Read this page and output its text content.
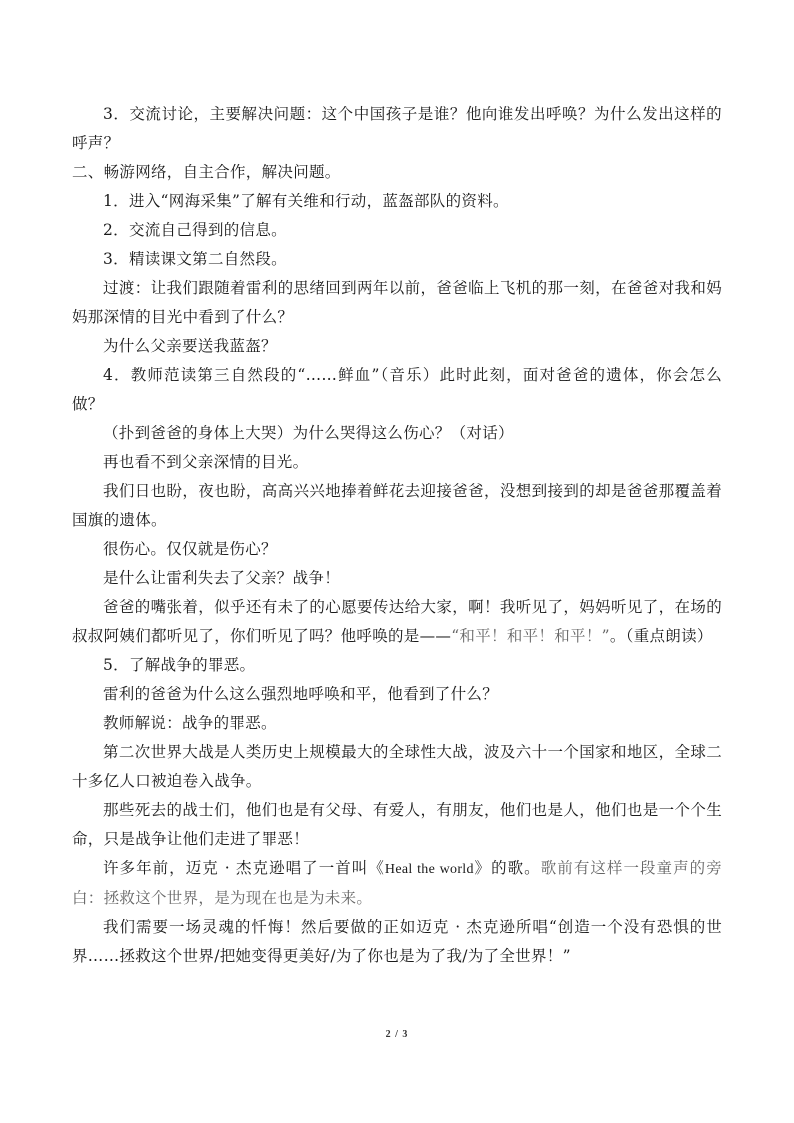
3．交流讨论，主要解决问题：这个中国孩子是谁？他向谁发出呼唤？为什么发出这样的呼声？

二、畅游网络，自主合作，解决问题。

1．进入“网海采集”了解有关维和行动，蓝盔部队的资料。

2．交流自己得到的信息。

3．精读课文第二自然段。

过渡：让我们跟随着雷利的思绪回到两年以前，爸爸临上飞机的那一刻，在爸爸对我和妈妈那深情的目光中看到了什么？

为什么父亲要送我蓝盔？

4．教师范读第三自然段的“……鲜血”（音乐）此时此刻，面对爸爸的遗体，你会怎么做？

（扑到爸爸的身体上大哭）为什么哭得这么伤心？（对话）

再也看不到父亲深情的目光。

我们日也盼，夜也盼，高高兴兴地捧着鲜花去迎接爸爸，没想到接到的却是爸爸那覆盖着国旗的遗体。

很伤心。仅仅就是伤心？

是什么让雷利失去了父亲？战争！

爸爸的嘴张着，似乎还有未了的心愿要传达给大家，啊！我听见了，妈妈听见了，在场的叔叔阿姨们都听见了，你们听见了吗？他呼唤的是——“和平！和平！和平！”。（重点朗读）

5．了解战争的罪恶。

雷利的爸爸为什么这么强烈地呼唤和平，他看到了什么？

教师解说：战争的罪恶。

第二次世界大战是人类历史上规模最大的全球性大战，波及六十一个国家和地区，全球二十多亿人口被迫卷入战争。

那些死去的战士们，他们也是有父母、有爱人，有朋友，他们也是人，他们也是一个个生命，只是战争让他们走进了罪恶！

许多年前，迈克 · 杰克逊唱了一首叫《Heal the world》的歌。歌前有这样一段童声的旁白：拯救这个世界，是为现在也是为未来。

我们需要一场灵魂的忏悔！然后要做的正如迈克 · 杰克逊所唱“创造一个没有恐惧的世界……拯救这个世界/把她变得更美好/为了你也是为了我/为了全世界！”

2 / 3
